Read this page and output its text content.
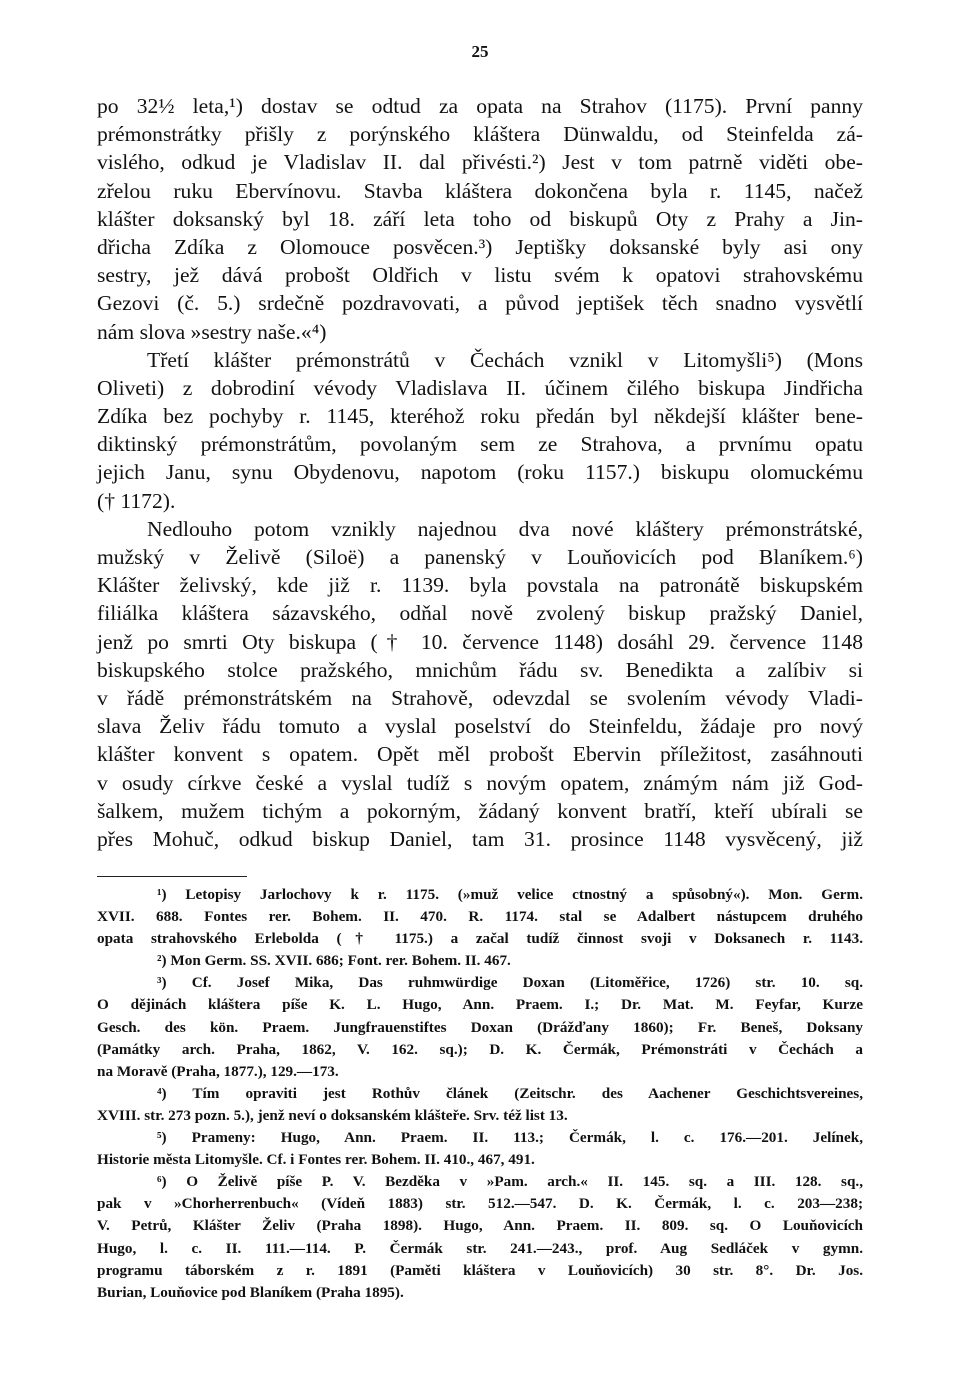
25
po 32½ leta,¹) dostav se odtud za opata na Strahov (1175). První panny
prémonstrátky přišly z porýnského kláštera Dünwaldu, od Steinfelda zá-
vislého, odkud je Vladislav II. dal přivésti.²) Jest v tom patrně viděti obe-
zřelou ruku Ebervínovu. Stavba kláštera dokončena byla r. 1145, načež
klášter doksanský byl 18. září leta toho od biskupů Oty z Prahy a Jin-
dřicha Zdíka z Olomouce posvěcen.³) Jeptišky doksanské byly asi ony
sestry, jež dává probošt Oldřich v listu svém k opatovi strahovskému
Gezovi (č. 5.) srdečně pozdravovati, a původ jeptišek těch snadno vysvětlí
nám slova »sestry naše.«⁴)
Třetí klášter prémonstrátů v Čechách vznikl v Litomyšli⁵) (Mons
Oliveti) z dobrodiní vévody Vladislava II. účinem čilého biskupa Jindřicha
Zdíka bez pochyby r. 1145, kteréhož roku předán byl někdejší klášter bene-
diktinský prémonstrátům, povolaným sem ze Strahova, a prvnímu opatu
jejich Janu, synu Obydenovu, napotom (roku 1157.) biskupu olomuckému
(† 1172).
Nedlouho potom vznikly najednou dva nové kláštery prémonstrátské,
mužský v Želivě (Siloë) a panenský v Louňovicích pod Blaníkem.⁶)
Klášter želivský, kde již r. 1139. byla povstala na patronátě biskupském
filiálka kláštera sázavského, odňal nově zvolený biskup pražský Daniel,
jenž po smrti Oty biskupa († 10. července 1148) dosáhl 29. července 1148
biskupského stolce pražského, mnichům řádu sv. Benedikta a zalíbiv si
v řádě prémonstrátském na Strahově, odevzdal se svolením vévody Vladi-
slava Želiv řádu tomuto a vyslal poselství do Steinfeldu, žádaje pro nový
klášter konvent s opatem. Opět měl probošt Ebervin příležitost, zasáhnouti
v osudy církve české a vyslal tudíž s novým opatem, známým nám již God-
šalkem, mužem tichým a pokorným, žádaný konvent bratří, kteří ubírali se
přes Mohuč, odkud biskup Daniel, tam 31. prosince 1148 vysvěcený, již
¹) Letopisy Jarlochovy k r. 1175. (»muž velice ctnostný a spůsobný«). Mon. Germ.
XVII. 688. Fontes rer. Bohem. II. 470. R. 1174. stal se Adalbert nástupcem druhého
opata strahovského Erlebolda († 1175.) a začal tudíž činnost svoji v Doksanech r. 1143.
²) Mon Germ. SS. XVII. 686; Font. rer. Bohem. II. 467.
³) Cf. Josef Mika, Das ruhmwürdige Doxan (Litoměřice, 1726) str. 10. sq.
O dějinách kláštera píše K. L. Hugo, Ann. Praem. I.; Dr. Mat. M. Feyfar, Kurze
Gesch. des kön. Praem. Jungfrauenstiftes Doxan (Drážďany 1860); Fr. Beneš, Doksany
(Památky arch. Praha, 1862, V. 162. sq.); D. K. Čermák, Prémonstráti v Čechách a
na Moravě (Praha, 1877.), 129.—173.
⁴) Tím opraviti jest Rothův článek (Zeitschr. des Aachener Geschichtsvereines,
XVIII. str. 273 pozn. 5.), jenž neví o doksanském klášteře. Srv. též list 13.
⁵) Prameny: Hugo, Ann. Praem. II. 113.; Čermák, l. c. 176.—201. Jelínek,
Historie města Litomyšle. Cf. i Fontes rer. Bohem. II. 410., 467, 491.
⁶) O Želivě píše P. V. Bezděka v »Pam. arch.« II. 145. sq. a III. 128. sq.,
pak v »Chorherrenbuch« (Vídeň 1883) str. 512.—547. D. K. Čermák, l. c. 203—238;
V. Petrů, Klášter Želiv (Praha 1898). Hugo, Ann. Praem. II. 809. sq. O Louňovicích
Hugo, l. c. II. 111.—114. P. Čermák str. 241.—243., prof. Aug Sedláček v gymn.
programu táborském z r. 1891 (Paměti kláštera v Louňovicích) 30 str. 8°. Dr. Jos.
Burian, Louňovice pod Blaníkem (Praha 1895).
